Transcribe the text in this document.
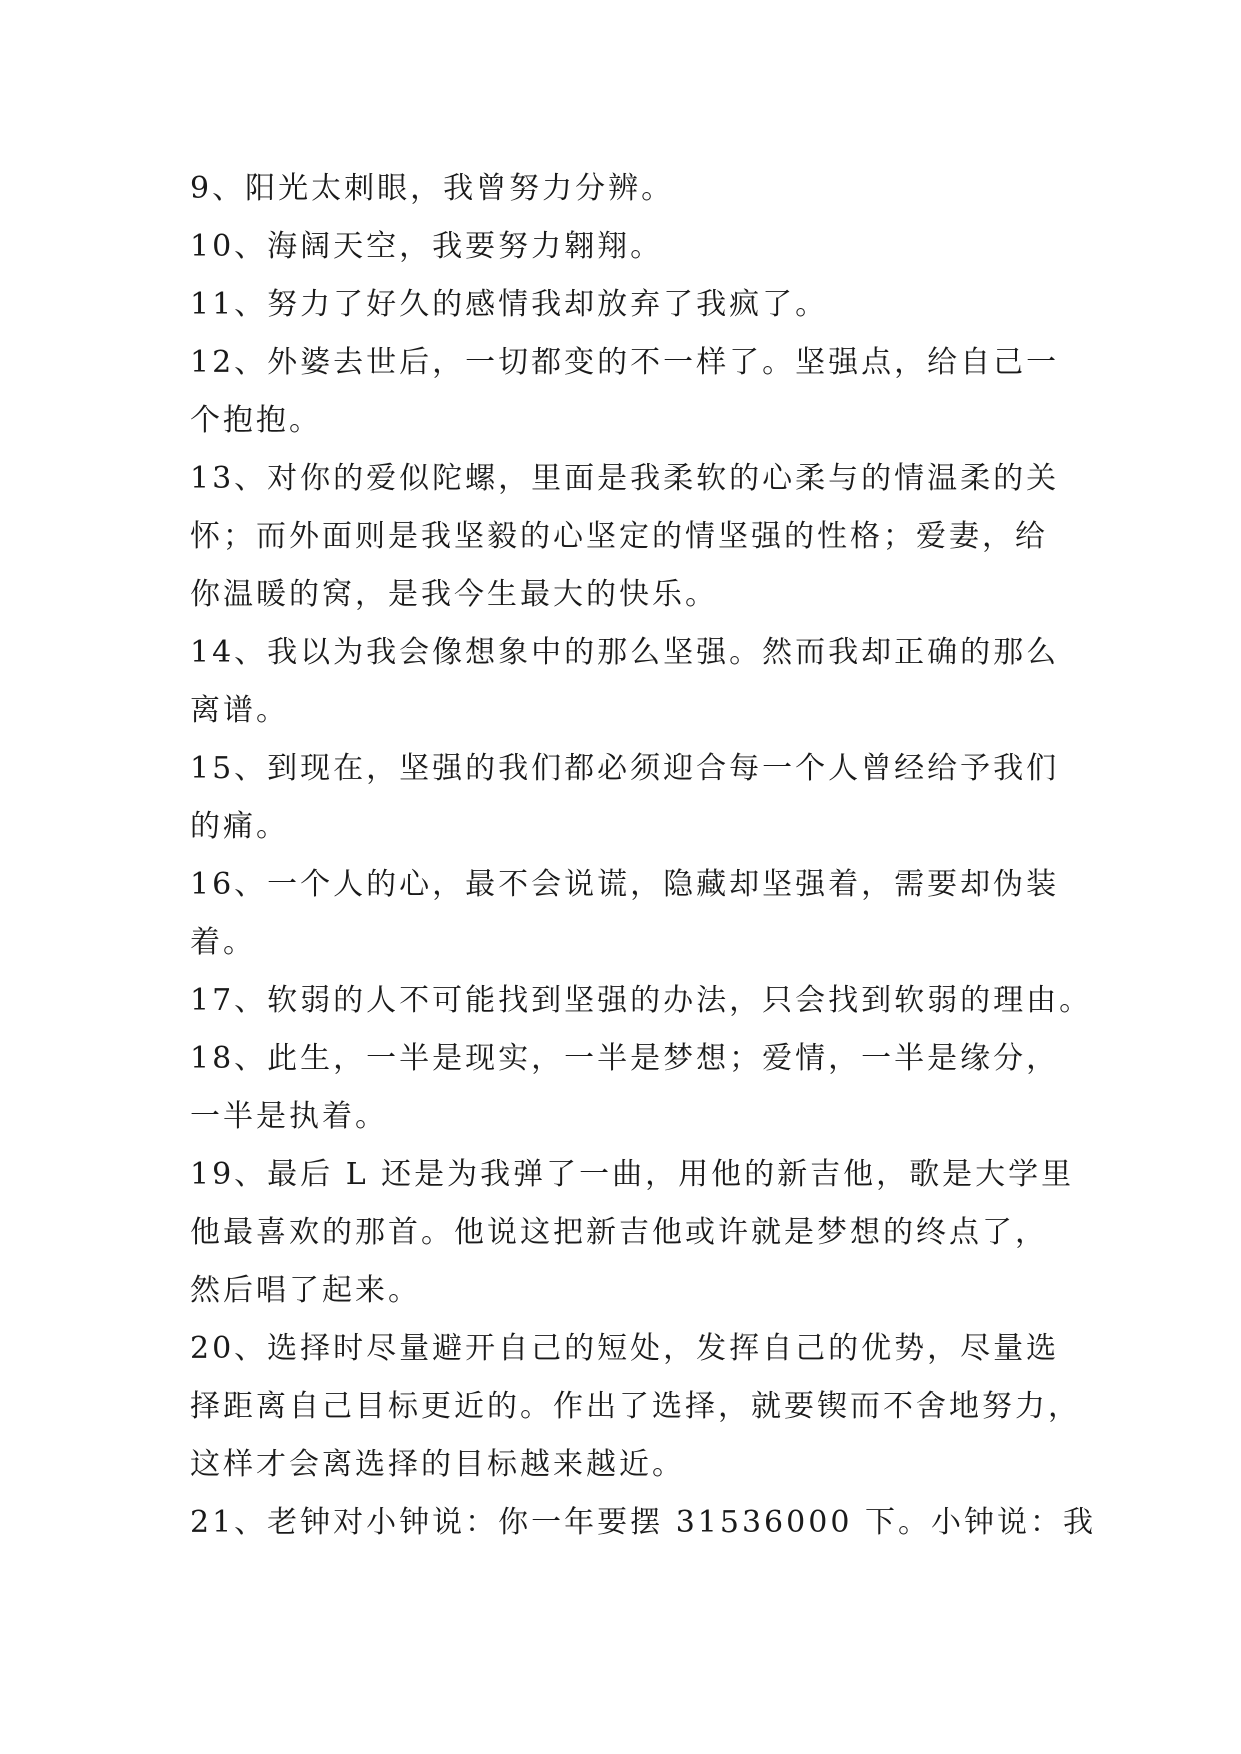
9、阳光太刺眼，我曾努力分辨。
10、海阔天空，我要努力翱翔。
11、努力了好久的感情我却放弃了我疯了。
12、外婆去世后，一切都变的不一样了。坚强点，给自己一
个抱抱。
13、对你的爱似陀螺，里面是我柔软的心柔与的情温柔的关
怀；而外面则是我坚毅的心坚定的情坚强的性格；爱妻，给
你温暖的窝，是我今生最大的快乐。
14、我以为我会像想象中的那么坚强。然而我却正确的那么
离谱。
15、到现在，坚强的我们都必须迎合每一个人曾经给予我们
的痛。
16、一个人的心，最不会说谎，隐藏却坚强着，需要却伪装
着。
17、软弱的人不可能找到坚强的办法，只会找到软弱的理由。
18、此生，一半是现实，一半是梦想；爱情，一半是缘分，
一半是执着。
19、最后 L 还是为我弹了一曲，用他的新吉他，歌是大学里
他最喜欢的那首。他说这把新吉他或许就是梦想的终点了，
然后唱了起来。
20、选择时尽量避开自己的短处，发挥自己的优势，尽量选
择距离自己目标更近的。作出了选择，就要锲而不舍地努力，
这样才会离选择的目标越来越近。
21、老钟对小钟说：你一年要摆 31536000 下。小钟说：我
